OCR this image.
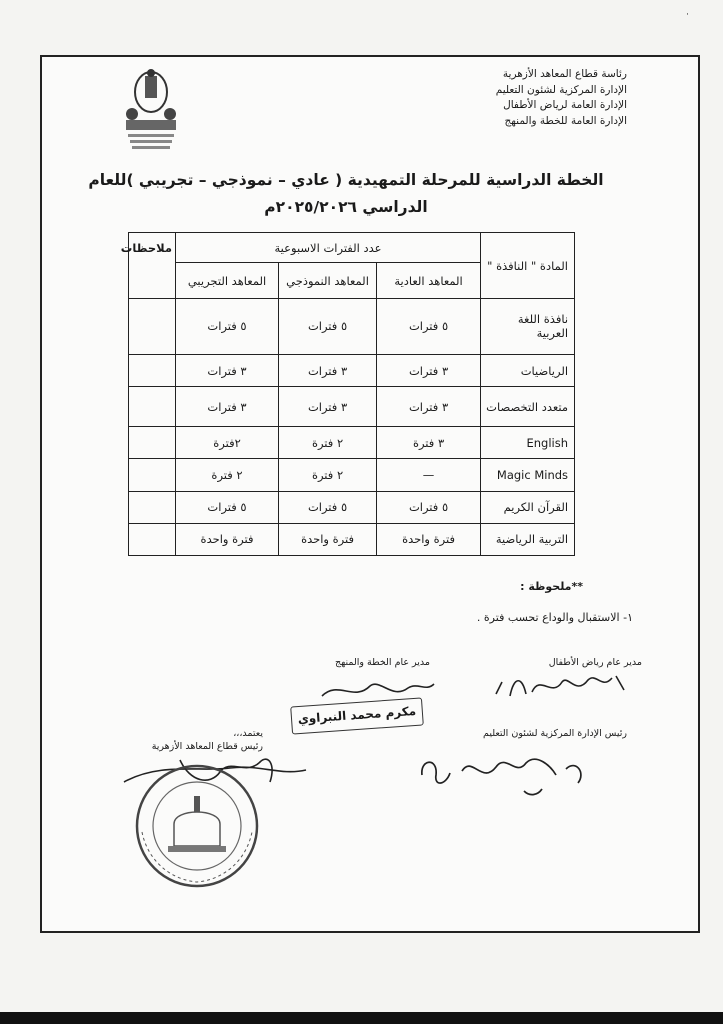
·
رئاسة قطاع المعاهد الأزهرية
الإدارة المركزية لشئون التعليم
الإدارة العامة لرياض الأطفال
الإدارة العامة للخطة والمنهج
الخطة الدراسية للمرحلة التمهيدية ( عادي – نموذجي – تجريبي )للعام
الدراسي ٢٠٢٥/٢٠٢٦م
المادة " النافذة "	عدد الفترات الاسبوعية			ملاحظات
	المعاهد العادية	المعاهد النموذجي	المعاهد التجريبي	
نافذة اللغة العربية	٥ فترات	٥ فترات	٥ فترات	
الرياضيات	٣ فترات	٣ فترات	٣ فترات	
متعدد التخصصات	٣ فترات	٣ فترات	٣ فترات	
English	٣ فترة	٢ فترة	٢فترة	
Magic Minds	—	٢ فترة	٢ فترة	
القرآن الكريم	٥ فترات	٥ فترات	٥ فترات	
التربية الرياضية	فترة واحدة	فترة واحدة	فترة واحدة	
**ملحوظة :
١- الاستقبال والوداع تحسب فترة .
مدير عام رياض الأطفال
مدير عام الخطة والمنهج
مكرم محمد النبراوي
رئيس الإدارة المركزية لشئون التعليم
يعتمد،،،
رئيس قطاع المعاهد الأزهرية
